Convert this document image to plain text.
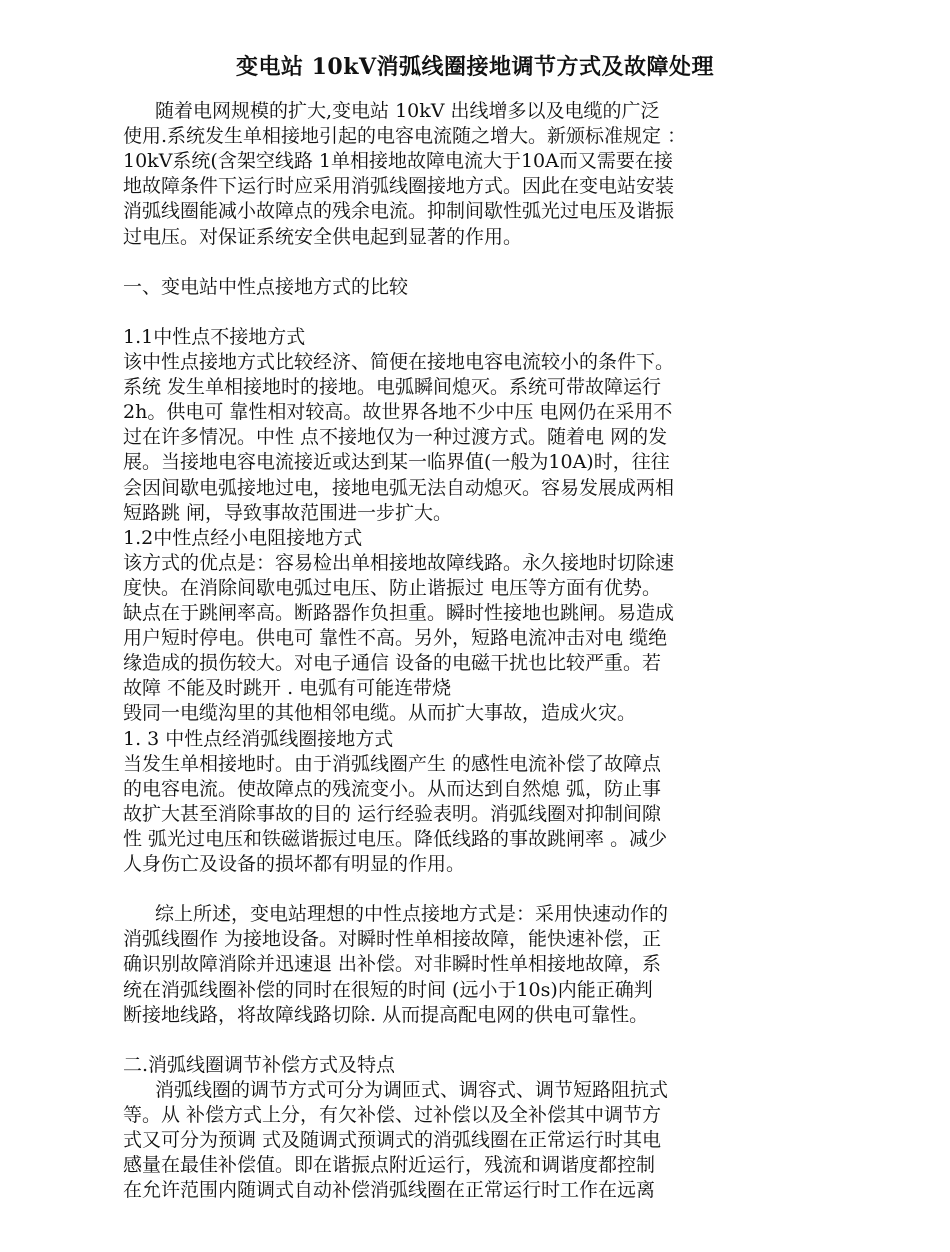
变电站 10kV消弧线圈接地调节方式及故障处理
随着电网规模的扩大,变电站 10kV 出线增多以及电缆的广泛
使用.系统发生单相接地引起的电容电流随之增大。新颁标准规定 ：
10kV系统(含架空线路 1单相接地故障电流大于10A而又需要在接
地故障条件下运行时应采用消弧线圈接地方式。因此在变电站安装
消弧线圈能减小故障点的残余电流。抑制间歇性弧光过电压及谐振
过电压。对保证系统安全供电起到显著的作用。
一、变电站中性点接地方式的比较
1.1中性点不接地方式
该中性点接地方式比较经济、简便在接地电容电流较小的条件下。
系统 发生单相接地时的接地。电弧瞬间熄灭。系统可带故障运行
2h。供电可 靠性相对较高。故世界各地不少中压 电网仍在采用不
过在许多情况。中性 点不接地仅为一种过渡方式。随着电 网的发
展。当接地电容电流接近或达到某一临界值(一般为10A)时，往往
会因间歇电弧接地过电，接地电弧无法自动熄灭。容易发展成两相
短路跳 闸，导致事故范围进一步扩大。
1.2中性点经小电阻接地方式
该方式的优点是：容易检出单相接地故障线路。永久接地时切除速
度快。在消除间歇电弧过电压、防止谐振过 电压等方面有优势。
缺点在于跳闸率高。断路器作负担重。瞬时性接地也跳闸。易造成
用户短时停电。供电可 靠性不高。另外，短路电流冲击对电 缆绝
缘造成的损伤较大。对电子通信 设备的电磁干扰也比较严重。若
故障 不能及时跳开 . 电弧有可能连带烧
毁同一电缆沟里的其他相邻电缆。从而扩大事故，造成火灾。
1. 3 中性点经消弧线圈接地方式
当发生单相接地时。由于消弧线圈产生 的感性电流补偿了故障点
的电容电流。使故障点的残流变小。从而达到自然熄 弧，防止事
故扩大甚至消除事故的目的 运行经验表明。消弧线圈对抑制间隙
性 弧光过电压和铁磁谐振过电压。降低线路的事故跳闸率 。减少
人身伤亡及设备的损坏都有明显的作用。
综上所述，变电站理想的中性点接地方式是：采用快速动作的
消弧线圈作 为接地设备。对瞬时性单相接故障，能快速补偿，正
确识别故障消除并迅速退 出补偿。对非瞬时性单相接地故障，系
统在消弧线圈补偿的同时在很短的时间 (远小于10s)内能正确判
断接地线路，将故障线路切除. 从而提高配电网的供电可靠性。
二.消弧线圈调节补偿方式及特点
消弧线圈的调节方式可分为调匝式、调容式、调节短路阻抗式
等。从 补偿方式上分，有欠补偿、过补偿以及全补偿其中调节方
式又可分为预调 式及随调式预调式的消弧线圈在正常运行时其电
感量在最佳补偿值。即在谐振点附近运行，残流和调谐度都控制
在允许范围内随调式自动补偿消弧线圈在正常运行时工作在远离
